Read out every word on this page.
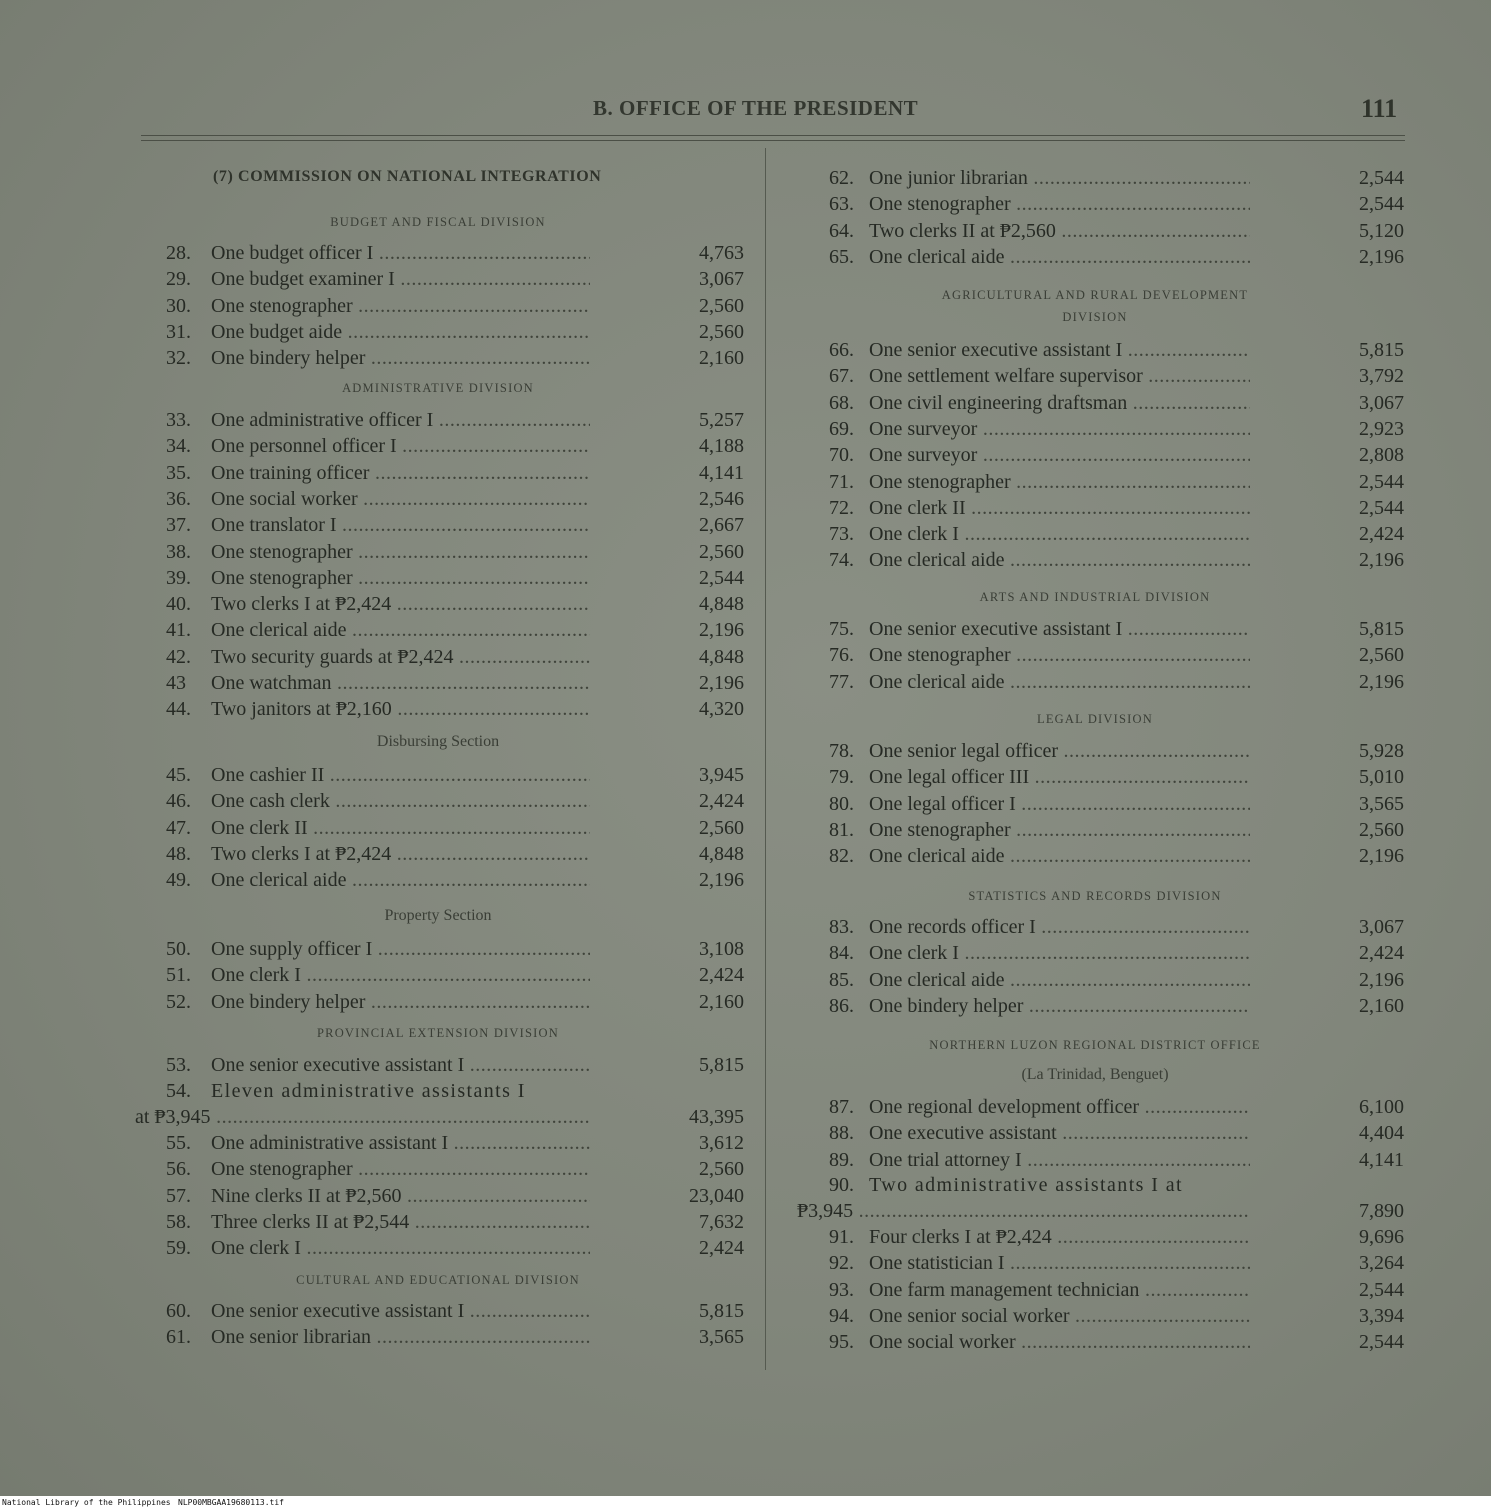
B. OFFICE OF THE PRESIDENT	111
(7) COMMISSION ON NATIONAL INTEGRATION
BUDGET AND FISCAL DIVISION
28. One budget officer I .....	4,763
29. One budget examiner I .....	3,067
30. One stenographer .....	2,560
31. One budget aide .....	2,560
32. One bindery helper .....	2,160
ADMINISTRATIVE DIVISION
33. One administrative officer I .....	5,257
34. One personnel officer I .....	4,188
35. One training officer .....	4,141
36. One social worker .....	2,546
37. One translator I .....	2,667
38. One stenographer .....	2,560
39. One stenographer .....	2,544
40. Two clerks I at ₱2,424 .....	4,848
41. One clerical aide .....	2,196
42. Two security guards at ₱2,424 .....	4,848
43 One watchman .....	2,196
44. Two janitors at ₱2,160 .....	4,320
Disbursing Section
45. One cashier II .....	3,945
46. One cash clerk .....	2,424
47. One clerk II .....	2,560
48. Two clerks I at ₱2,424 .....	4,848
49. One clerical aide .....	2,196
Property Section
50. One supply officer I .....	3,108
51. One clerk I .....	2,424
52. One bindery helper .....	2,160
PROVINCIAL EXTENSION DIVISION
53. One senior executive assistant I .....	5,815
54. Eleven administrative assistants I
at ₱3,945 .....	43,395
55. One administrative assistant I .....	3,612
56. One stenographer .....	2,560
57. Nine clerks II at ₱2,560 .....	23,040
58. Three clerks II at ₱2,544 .....	7,632
59. One clerk I .....	2,424
CULTURAL AND EDUCATIONAL DIVISION
60. One senior executive assistant I .....	5,815
61. One senior librarian .....	3,565
62. One junior librarian .....	2,544
63. One stenographer .....	2,544
64. Two clerks II at ₱2,560 .....	5,120
65. One clerical aide .....	2,196
AGRICULTURAL AND RURAL DEVELOPMENT
DIVISION
66. One senior executive assistant I .....	5,815
67. One settlement welfare supervisor .....	3,792
68. One civil engineering draftsman .....	3,067
69. One surveyor .....	2,923
70. One surveyor .....	2,808
71. One stenographer .....	2,544
72. One clerk II .....	2,544
73. One clerk I .....	2,424
74. One clerical aide .....	2,196
ARTS AND INDUSTRIAL DIVISION
75. One senior executive assistant I .....	5,815
76. One stenographer .....	2,560
77. One clerical aide .....	2,196
LEGAL DIVISION
78. One senior legal officer .....	5,928
79. One legal officer III .....	5,010
80. One legal officer I .....	3,565
81. One stenographer .....	2,560
82. One clerical aide .....	2,196
STATISTICS AND RECORDS DIVISION
83. One records officer I .....	3,067
84. One clerk I .....	2,424
85. One clerical aide .....	2,196
86. One bindery helper .....	2,160
NORTHERN LUZON REGIONAL DISTRICT OFFICE
(La Trinidad, Benguet)
87. One regional development officer .....	6,100
88. One executive assistant .....	4,404
89. One trial attorney I .....	4,141
90. Two administrative assistants I at
₱3,945 .....	7,890
91. Four clerks I at ₱2,424 .....	9,696
92. One statistician I .....	3,264
93. One farm management technician .....	2,544
94. One senior social worker .....	3,394
95. One social worker .....	2,544
National Library of the Philippines NLP00MBGAA19680113.tif
